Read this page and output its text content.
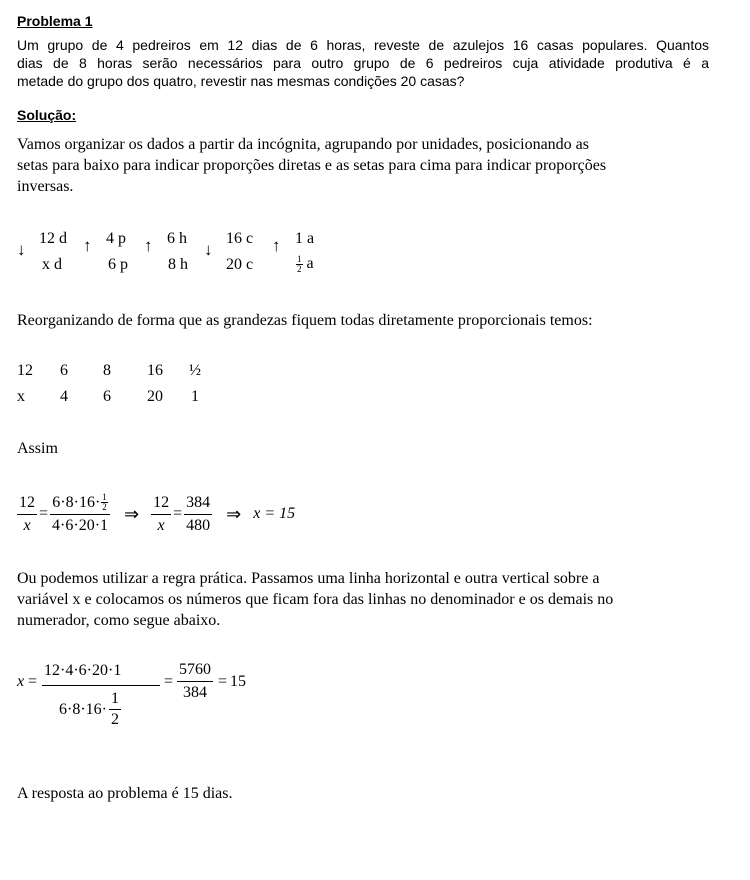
Problema 1
Um grupo de 4 pedreiros em 12 dias de 6 horas, reveste de azulejos 16 casas populares. Quantos
dias de 8 horas serão necessários para outro grupo de 6 pedreiros cuja atividade produtiva é a
metade do grupo dos quatro, revestir nas mesmas condições 20 casas?
Solução:
Vamos organizar os dados a partir da incógnita, agrupando por unidades, posicionando as
setas para baixo para indicar proporções diretas e as setas para cima para indicar proporções
inversas.
↓
12 d
x d
↑ 4 p
6 p
↑ 6 h
8 h
↓
16 c
20 c
↑ 1 a
$\frac{1}{2}$ a
Reorganizando de forma que as grandezas fiquem todas diretamente proporcionais temos:
12 6 8 16 ½
x 4 6 20 1
Assim
$\frac{12}{x} = \frac{6\cdot 8\cdot 16\cdot \frac{1}{2}}{4\cdot 6\cdot 20\cdot 1}$ ⇒ $\frac{12}{x} = \frac{384}{480}$ ⇒ x = 15
Ou podemos utilizar a regra prática. Passamos uma linha horizontal e outra vertical sobre a
variável x e colocamos os números que ficam fora das linhas no denominador e os demais no
numerador, como segue abaixo.
x =
12·4·6·20·1
$6\cdot 8\cdot 16\cdot \frac{1}{2}$
= $\frac{5760}{384} = 15$
A resposta ao problema é 15 dias.
